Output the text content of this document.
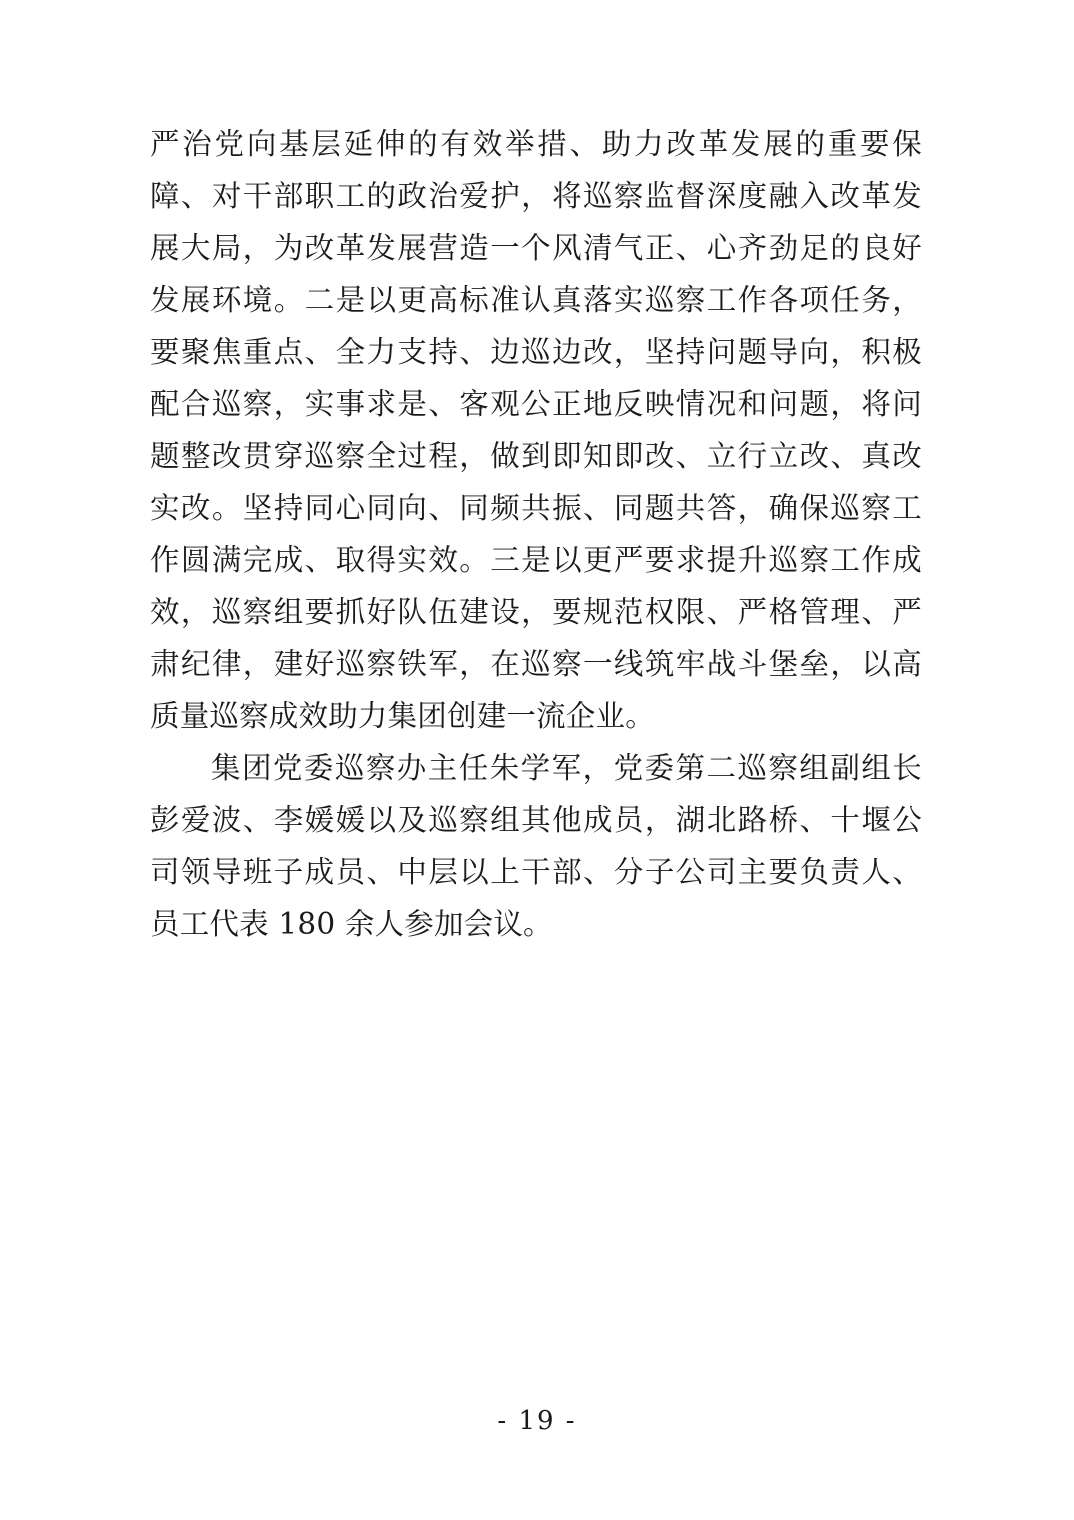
严治党向基层延伸的有效举措、助力改革发展的重要保障、对干部职工的政治爱护，将巡察监督深度融入改革发展大局，为改革发展营造一个风清气正、心齐劲足的良好发展环境。二是以更高标准认真落实巡察工作各项任务，要聚焦重点、全力支持、边巡边改，坚持问题导向，积极配合巡察，实事求是、客观公正地反映情况和问题，将问题整改贯穿巡察全过程，做到即知即改、立行立改、真改实改。坚持同心同向、同频共振、同题共答，确保巡察工作圆满完成、取得实效。三是以更严要求提升巡察工作成效，巡察组要抓好队伍建设，要规范权限、严格管理、严肃纪律，建好巡察铁军，在巡察一线筑牢战斗堡垒，以高质量巡察成效助力集团创建一流企业。

集团党委巡察办主任朱学军，党委第二巡察组副组长彭爱波、李媛媛以及巡察组其他成员，湖北路桥、十堰公司领导班子成员、中层以上干部、分子公司主要负责人、员工代表 180 余人参加会议。

- 19 -
